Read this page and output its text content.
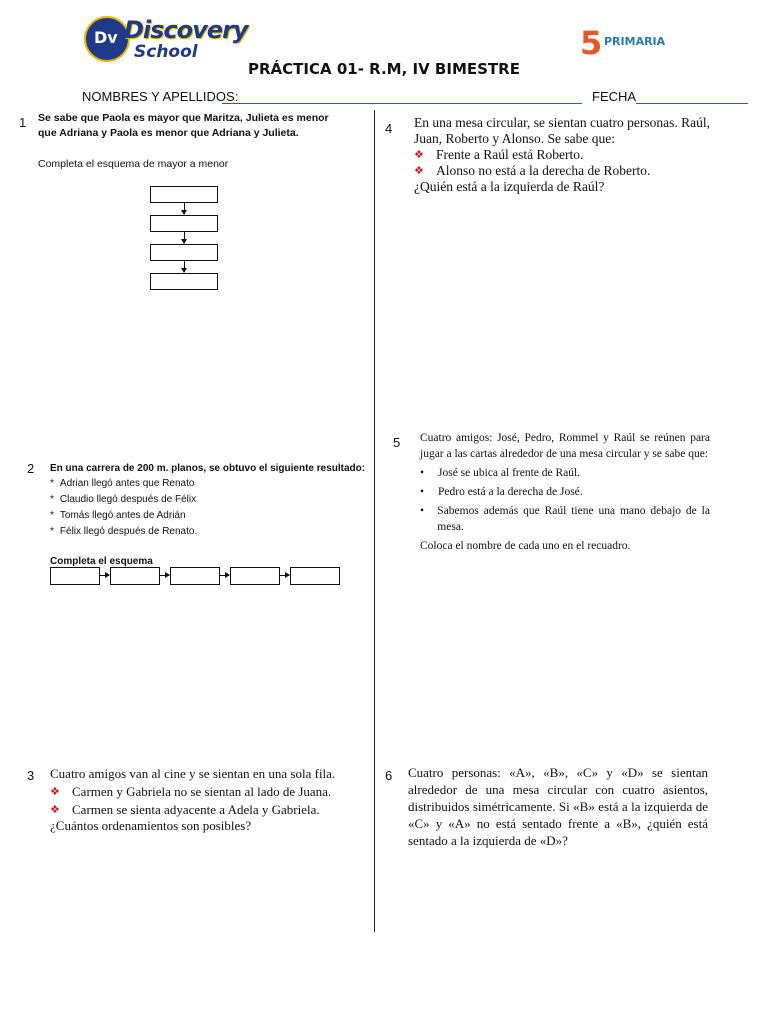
Dv Discovery
School	5 PRIMARIA
PRÁCTICA 01- R.M, IV BIMESTRE
NOMBRES Y APELLIDOS:	FECHA
1 Se sabe que Paola es mayor que Maritza, Julieta es menor que Adriana y Paola es menor que Adriana y Julieta.
Completa el esquema de mayor a menor
2 En una carrera de 200 m. planos, se obtuvo el siguiente resultado:
* Adrian llegó antes que Renato
* Claudio llegó después de Félix
* Tomás llegó antes de Adrián
* Félix llegó después de Renato.
Completa el esquema
3 Cuatro amigos van al cine y se sientan en una sola fila.
❖ Carmen y Gabriela no se sientan al lado de Juana.
❖ Carmen se sienta adyacente a Adela y Gabriela.
¿Cuántos ordenamientos son posibles?
4 En una mesa circular, se sientan cuatro personas. Raúl, Juan, Roberto y Alonso. Se sabe que:
❖ Frente a Raúl está Roberto.
❖ Alonso no está a la derecha de Roberto.
¿Quién está a la izquierda de Raúl?
5 Cuatro amigos: José, Pedro, Rommel y Raúl se reúnen para jugar a las cartas alrededor de una mesa circular y se sabe que:
•	José se ubica al frente de Raúl.
•	Pedro está a la derecha de José.
•	Sabemos además que Raúl tiene una mano debajo de la mesa.
Coloca el nombre de cada uno en el recuadro.
6 Cuatro personas: «A», «B», «C» y «D» se sientan alrededor de una mesa circular con cuatro asientos, distribuidos simétricamente. Si «B» está a la izquierda de «C» y «A» no está sentado frente a «B», ¿quién está sentado a la izquierda de «D»?
